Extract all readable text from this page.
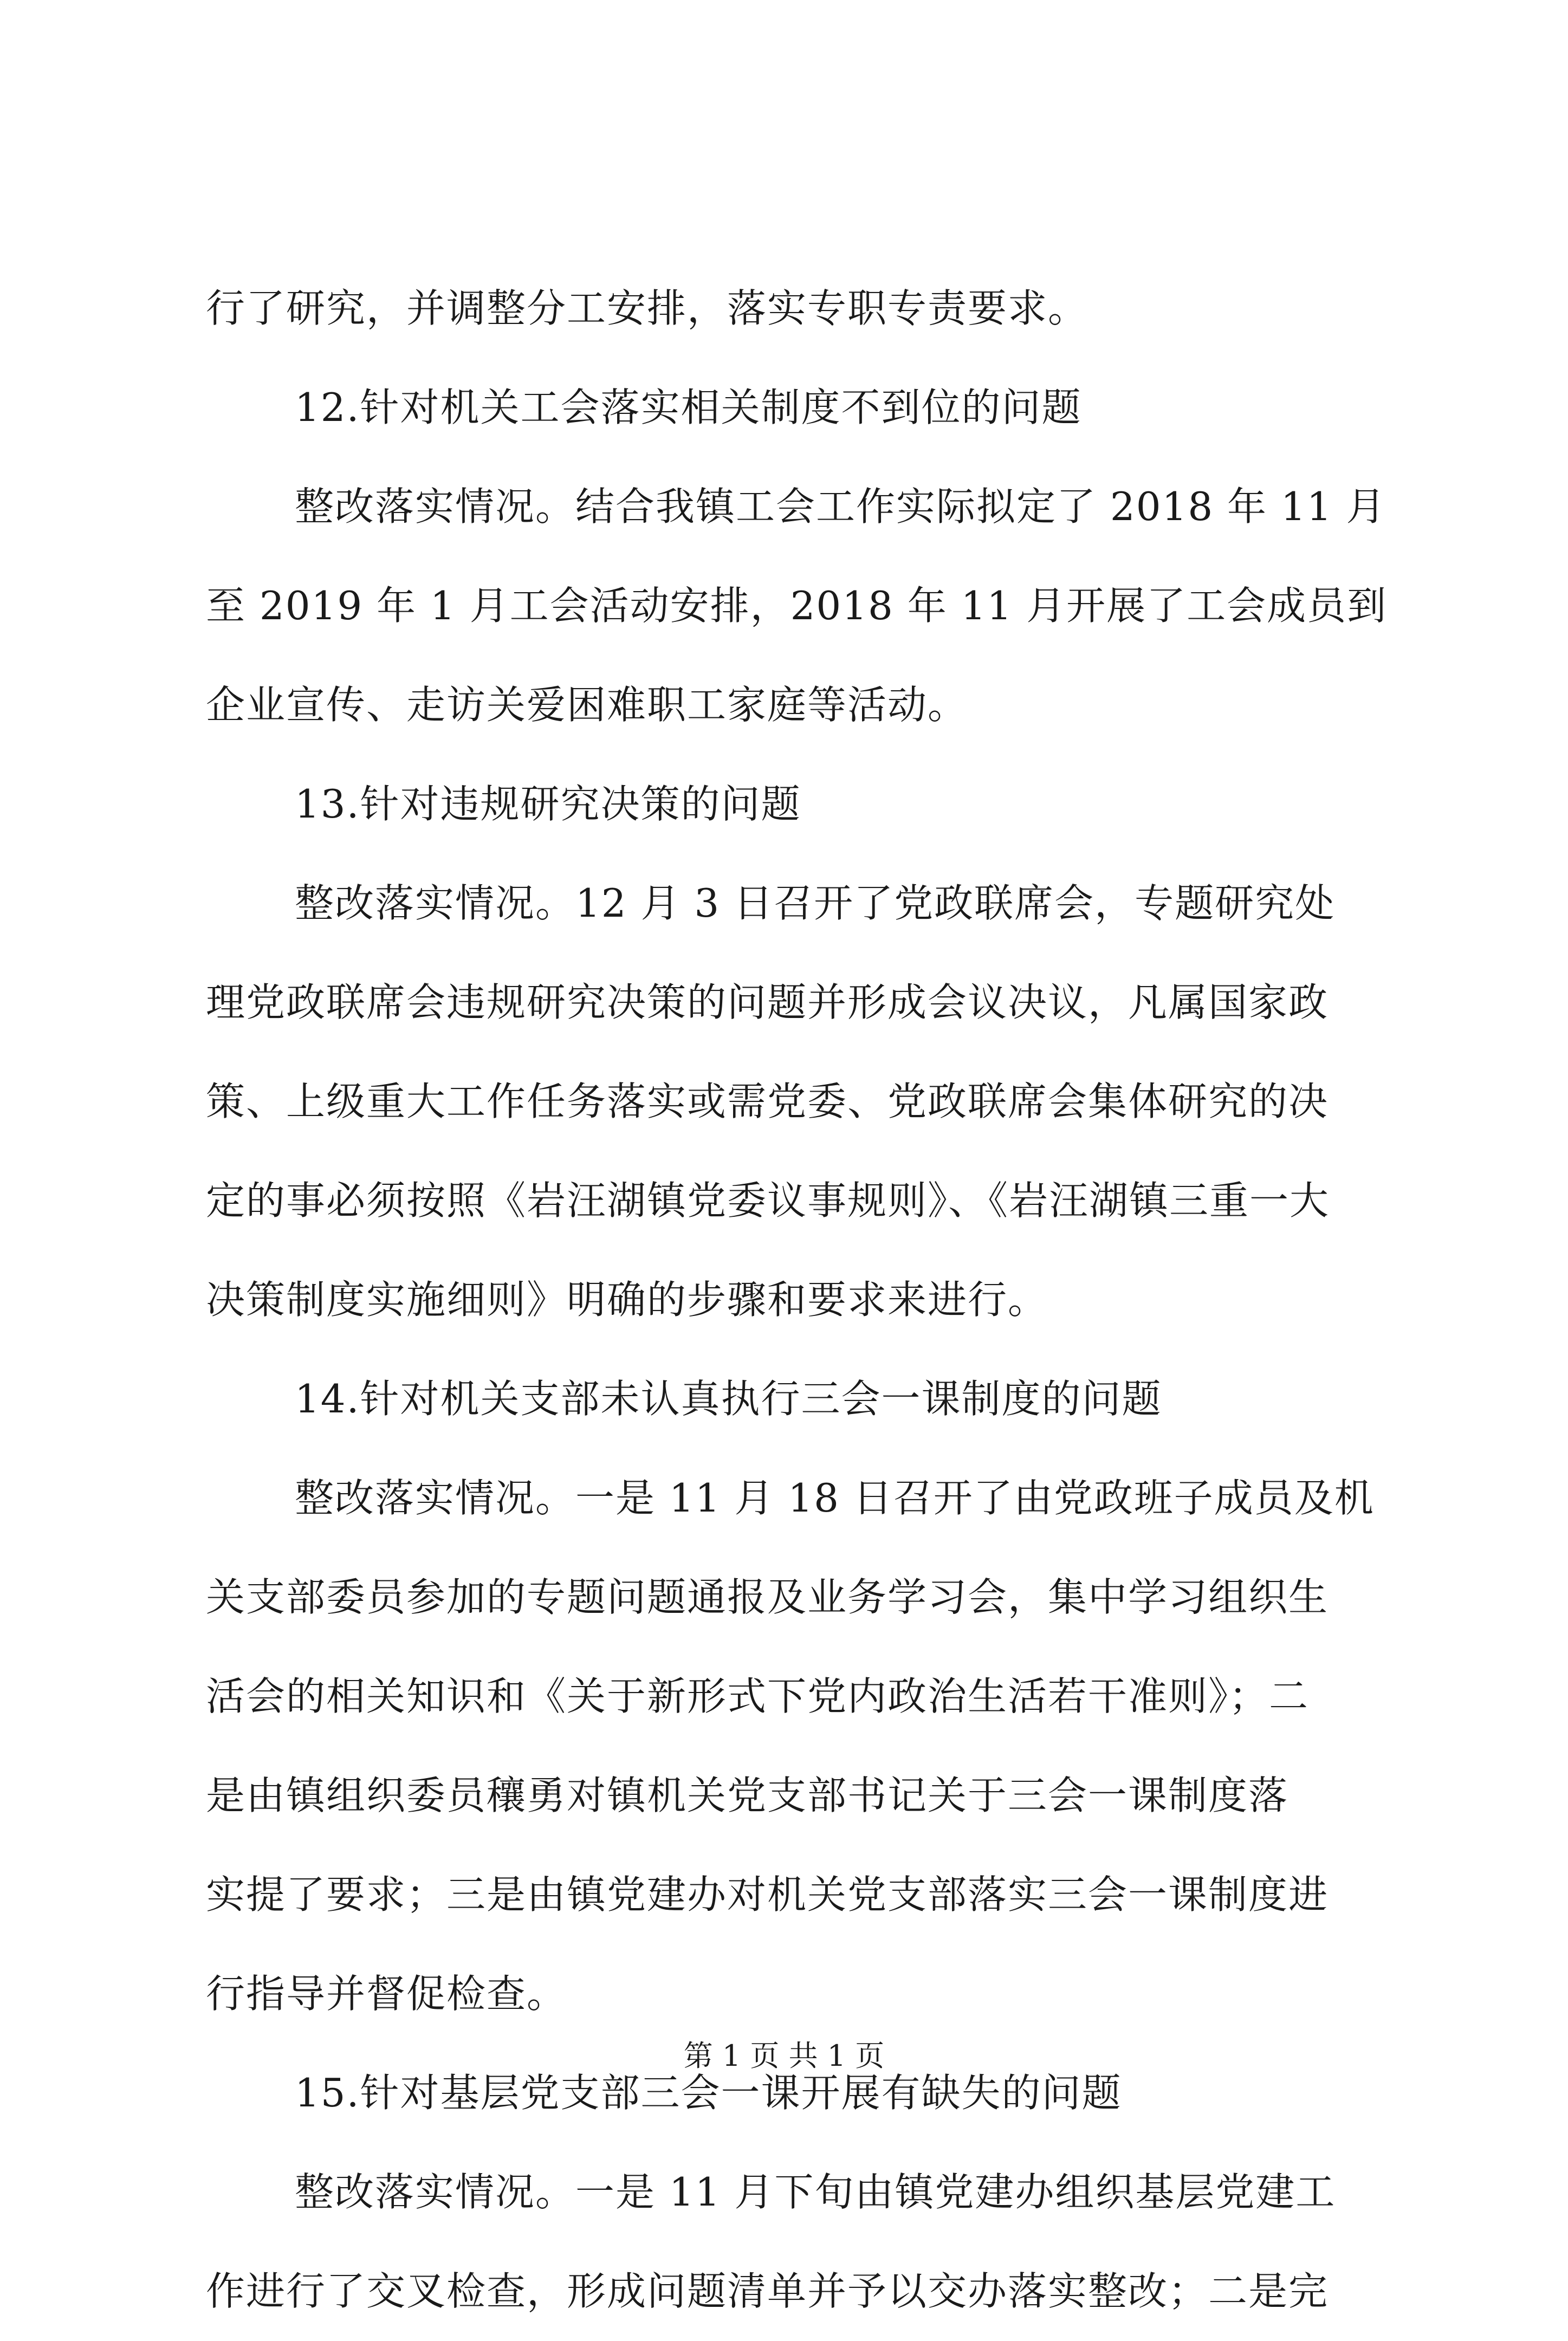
行了研究，并调整分工安排，落实专职专责要求。
12.针对机关工会落实相关制度不到位的问题
整改落实情况。结合我镇工会工作实际拟定了 2018 年 11 月
至 2019 年 1 月工会活动安排，2018 年 11 月开展了工会成员到
企业宣传、走访关爱困难职工家庭等活动。
13.针对违规研究决策的问题
整改落实情况。12 月 3 日召开了党政联席会，专题研究处
理党政联席会违规研究决策的问题并形成会议决议，凡属国家政
策、上级重大工作任务落实或需党委、党政联席会集体研究的决
定的事必须按照《岩汪湖镇党委议事规则》、《岩汪湖镇三重一大
决策制度实施细则》明确的步骤和要求来进行。
14.针对机关支部未认真执行三会一课制度的问题
整改落实情况。一是 11 月 18 日召开了由党政班子成员及机
关支部委员参加的专题问题通报及业务学习会，集中学习组织生
活会的相关知识和《关于新形式下党内政治生活若干准则》；二
是由镇组织委员穰勇对镇机关党支部书记关于三会一课制度落
实提了要求；三是由镇党建办对机关党支部落实三会一课制度进
行指导并督促检查。
15.针对基层党支部三会一课开展有缺失的问题
整改落实情况。一是 11 月下旬由镇党建办组织基层党建工
作进行了交叉检查，形成问题清单并予以交办落实整改；二是完
第 1 页 共 1 页
